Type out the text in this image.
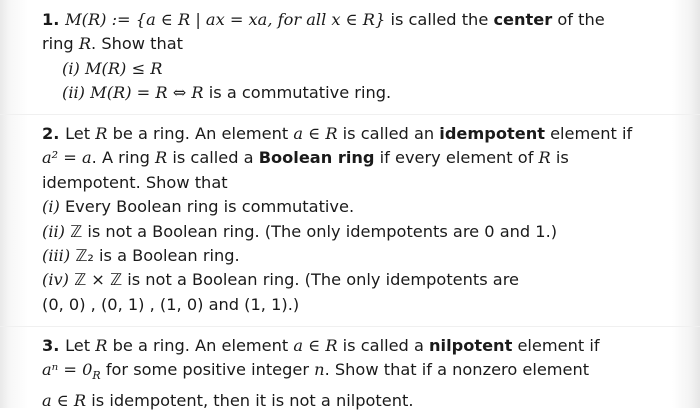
1. M(R) := {a ∈ R | ax = xa, for all x ∈ R} is called the center of the
ring R. Show that
(i) M(R) ≤ R
(ii) M(R) = R ⇔ R is a commutative ring.
2. Let R be a ring. An element a ∈ R is called an idempotent element if
a² = a. A ring R is called a Boolean ring if every element of R is
idempotent. Show that
(i) Every Boolean ring is commutative.
(ii) ℤ is not a Boolean ring. (The only idempotents are 0 and 1.)
(iii) ℤ₂ is a Boolean ring.
(iv) ℤ × ℤ is not a Boolean ring. (The only idempotents are
(0, 0) , (0, 1) , (1, 0) and (1, 1).)
3. Let R be a ring. An element a ∈ R is called a nilpotent element if
$a^n = 0_R$ for some positive integer n. Show that if a nonzero element
a ∈ R is idempotent, then it is not a nilpotent.
